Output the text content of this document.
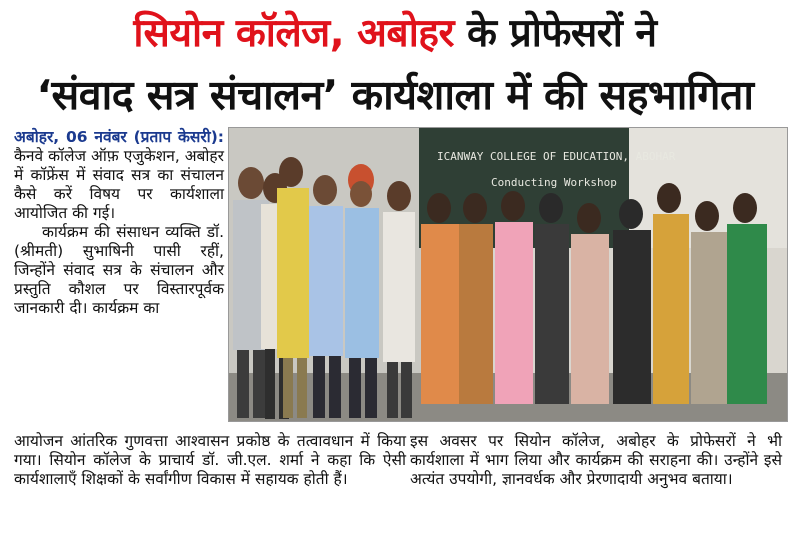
सियोन कॉलेज, अबोहर के प्रोफेसरों ने
‘संवाद सत्र संचालन’ कार्यशाला में की सहभागिता

अबोहर, 06 नवंबर (प्रताप केसरी): कैनवे कॉलेज ऑफ़ एजुकेशन, अबोहर में कॉफ्रेंस में संवाद सत्र का संचालन कैसे करें विषय पर कार्यशाला आयोजित की गई।

कार्यक्रम की संसाधन व्यक्ति डॉ. (श्रीमती) सुभाषिनी पासी रहीं, जिन्होंने संवाद सत्र के संचालन और प्रस्तुति कौशल पर विस्तारपूर्वक जानकारी दी। कार्यक्रम का

ICANWAY COLLEGE OF EDUCATION, ABOHAR
Conducting Workshop

आयोजन आंतरिक गुणवत्ता आश्वासन प्रकोष्ठ के तत्वावधान में किया गया। सियोन कॉलेज के प्राचार्य डॉ. जी.एल. शर्मा ने कहा कि ऐसी कार्यशालाएँ शिक्षकों के सर्वांगीण विकास में सहायक होती हैं।

इस अवसर पर सियोन कॉलेज, अबोहर के प्रोफेसरों ने भी कार्यशाला में भाग लिया और कार्यक्रम की सराहना की। उन्होंने इसे अत्यंत उपयोगी, ज्ञानवर्धक और प्रेरणादायी अनुभव बताया।
